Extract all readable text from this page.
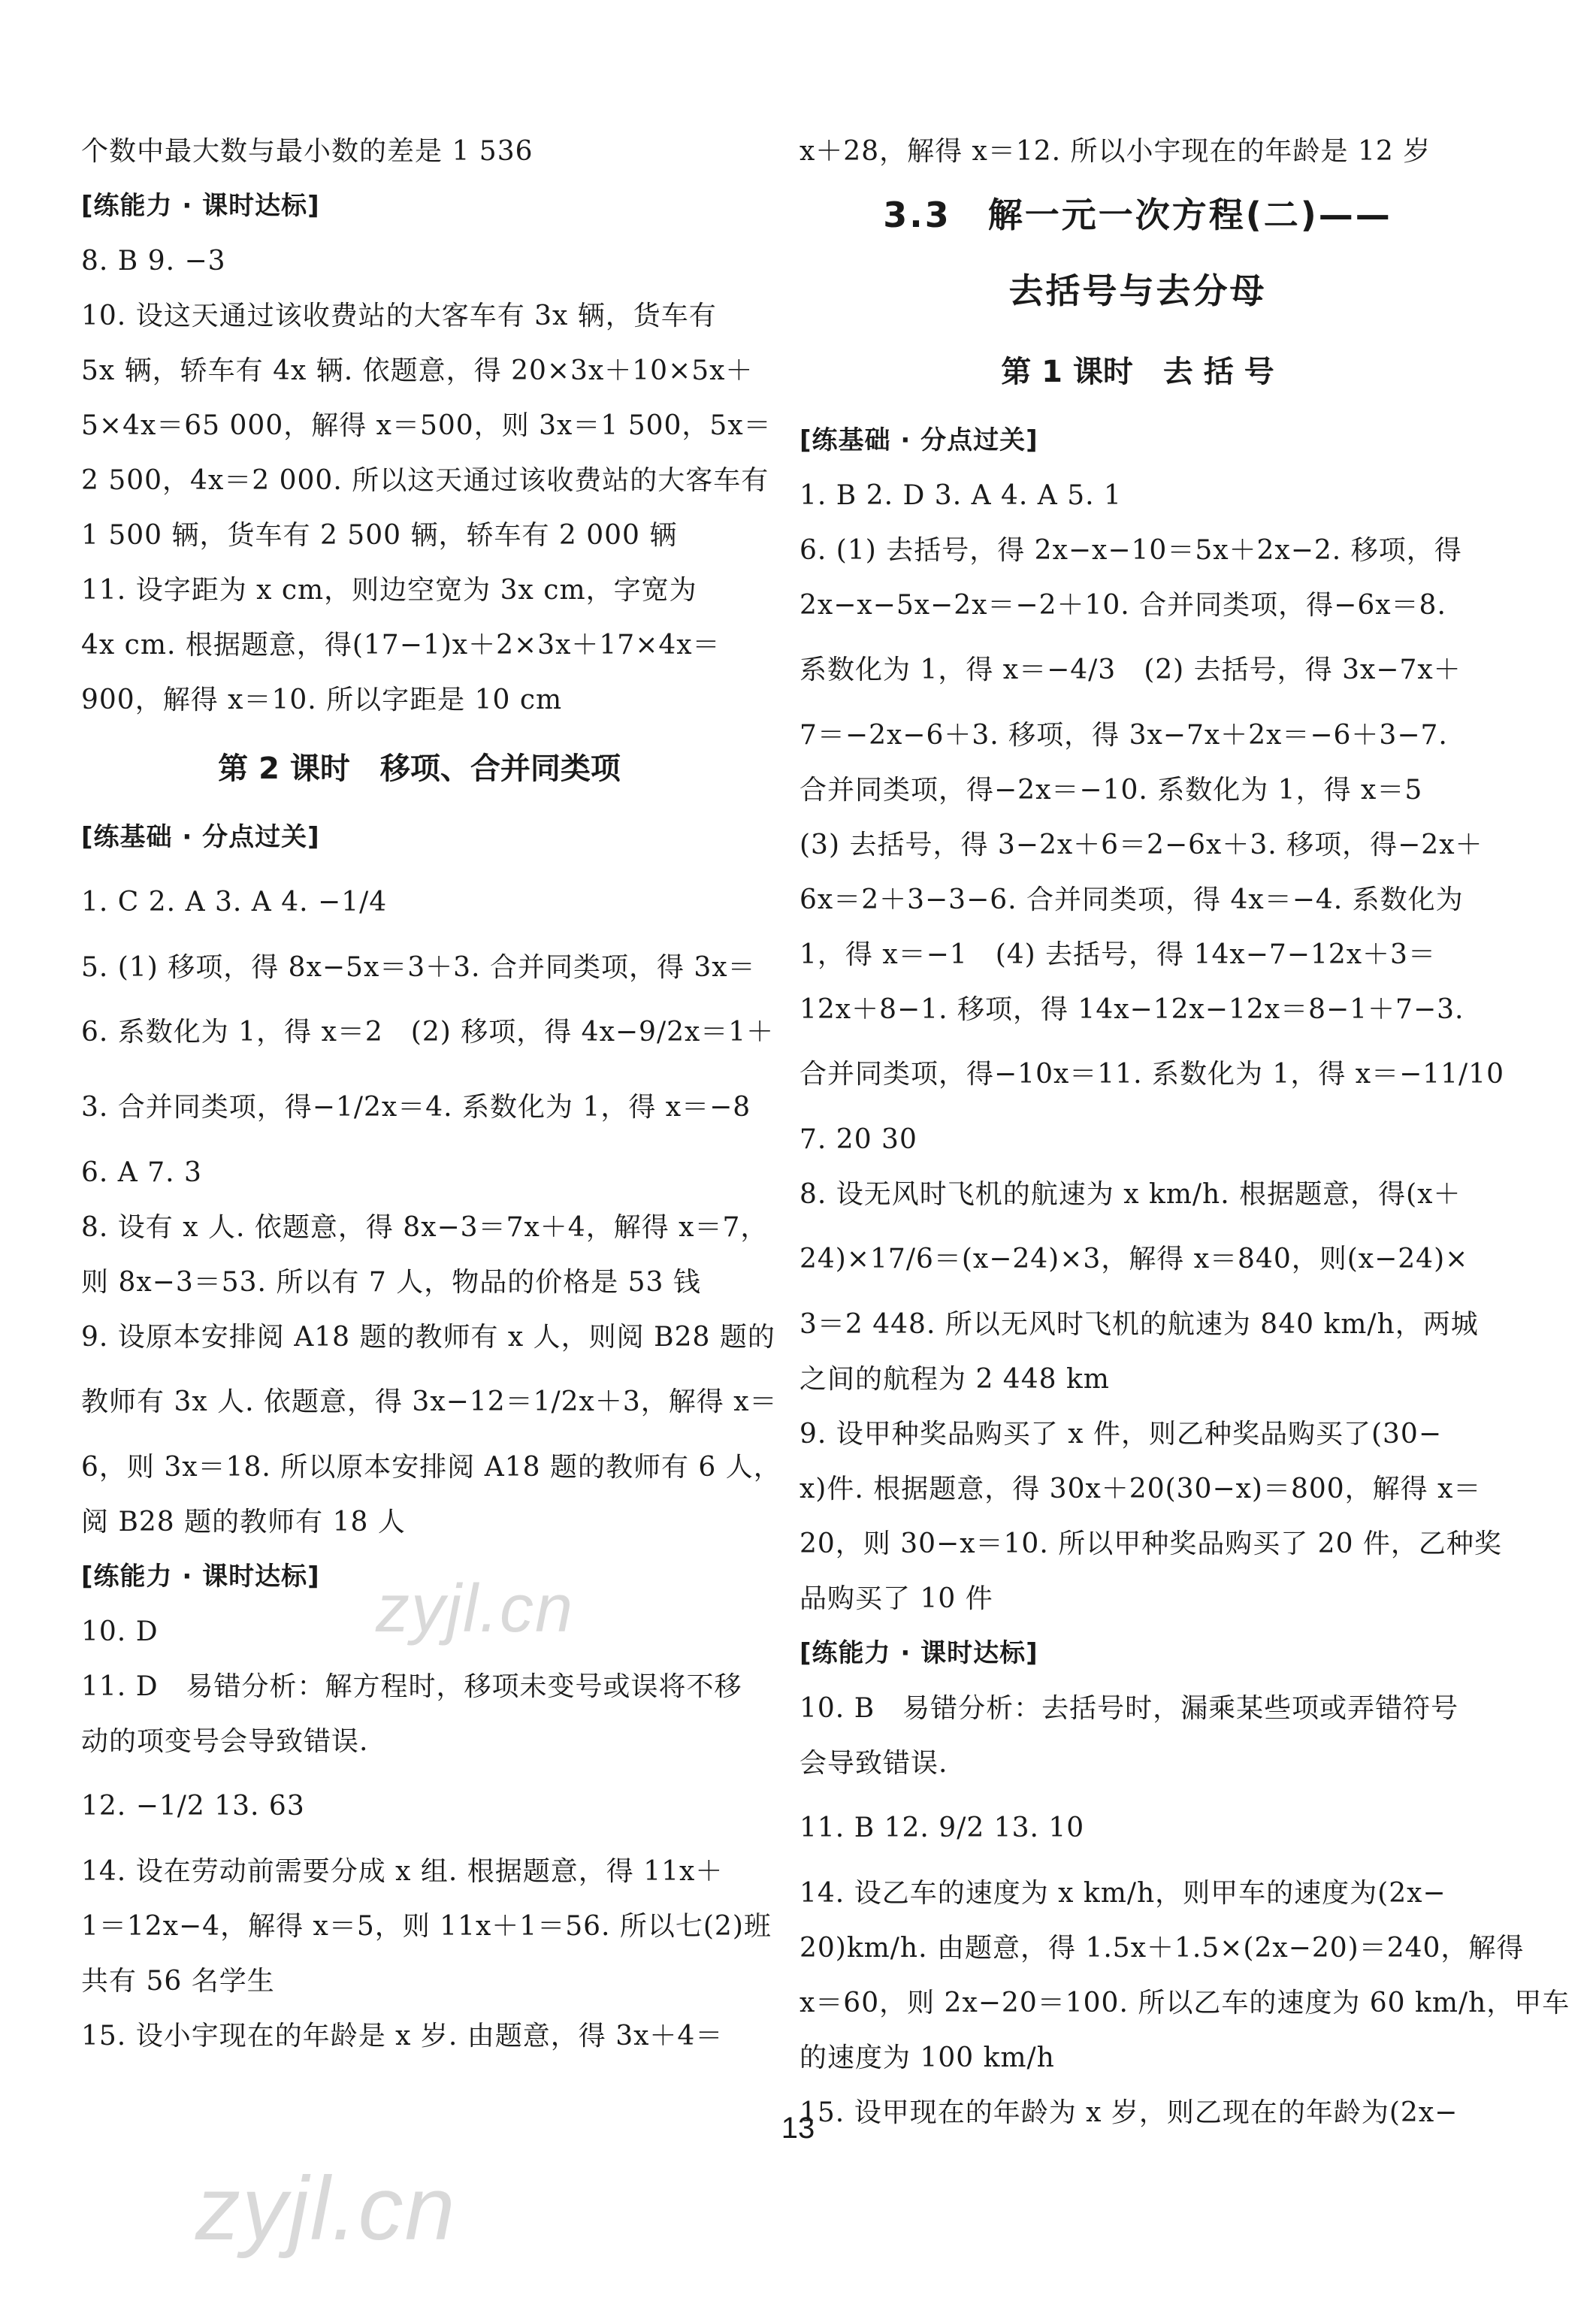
个数中最大数与最小数的差是 1 536
[练能力 · 课时达标]
8. B 9. −3
10. 设这天通过该收费站的大客车有 3x 辆，货车有
5x 辆，轿车有 4x 辆. 依题意，得 20×3x＋10×5x＋
5×4x＝65 000，解得 x＝500，则 3x＝1 500，5x＝
2 500，4x＝2 000. 所以这天通过该收费站的大客车有
1 500 辆，货车有 2 500 辆，轿车有 2 000 辆
11. 设字距为 x cm，则边空宽为 3x cm，字宽为
4x cm. 根据题意，得(17−1)x＋2×3x＋17×4x＝
900，解得 x＝10. 所以字距是 10 cm
第 2 课时　移项、合并同类项
[练基础 · 分点过关]
1. C 2. A 3. A 4. −1/4
5. (1) 移项，得 8x−5x＝3＋3. 合并同类项，得 3x＝
6. 系数化为 1，得 x＝2　(2) 移项，得 4x−9/2x＝1＋
3. 合并同类项，得−1/2x＝4. 系数化为 1，得 x＝−8
6. A 7. 3
8. 设有 x 人. 依题意，得 8x−3＝7x＋4，解得 x＝7，
则 8x−3＝53. 所以有 7 人，物品的价格是 53 钱
9. 设原本安排阅 A18 题的教师有 x 人，则阅 B28 题的
教师有 3x 人. 依题意，得 3x−12＝1/2x＋3，解得 x＝
6，则 3x＝18. 所以原本安排阅 A18 题的教师有 6 人，
阅 B28 题的教师有 18 人
[练能力 · 课时达标]
10. D
11. D　易错分析：解方程时，移项未变号或误将不移
动的项变号会导致错误.
12. −1/2 13. 63
14. 设在劳动前需要分成 x 组. 根据题意，得 11x＋
1＝12x−4，解得 x＝5，则 11x＋1＝56. 所以七(2)班
共有 56 名学生
15. 设小宇现在的年龄是 x 岁. 由题意，得 3x＋4＝
x＋28，解得 x＝12. 所以小宇现在的年龄是 12 岁
3.3　解一元一次方程(二)——
去括号与去分母
第 1 课时　去 括 号
[练基础 · 分点过关]
1. B 2. D 3. A 4. A 5. 1
6. (1) 去括号，得 2x−x−10＝5x＋2x−2. 移项，得
2x−x−5x−2x＝−2＋10. 合并同类项，得−6x＝8.
系数化为 1，得 x＝−4/3　(2) 去括号，得 3x−7x＋
7＝−2x−6＋3. 移项，得 3x−7x＋2x＝−6＋3−7.
合并同类项，得−2x＝−10. 系数化为 1，得 x＝5
(3) 去括号，得 3−2x＋6＝2−6x＋3. 移项，得−2x＋
6x＝2＋3−3−6. 合并同类项，得 4x＝−4. 系数化为
1，得 x＝−1　(4) 去括号，得 14x−7−12x＋3＝
12x＋8−1. 移项，得 14x−12x−12x＝8−1＋7−3.
合并同类项，得−10x＝11. 系数化为 1，得 x＝−11/10
7. 20 30
8. 设无风时飞机的航速为 x km/h. 根据题意，得(x＋
24)×17/6＝(x−24)×3，解得 x＝840，则(x−24)×
3＝2 448. 所以无风时飞机的航速为 840 km/h，两城
之间的航程为 2 448 km
9. 设甲种奖品购买了 x 件，则乙种奖品购买了(30−
x)件. 根据题意，得 30x＋20(30−x)＝800，解得 x＝
20，则 30−x＝10. 所以甲种奖品购买了 20 件，乙种奖
品购买了 10 件
[练能力 · 课时达标]
10. B　易错分析：去括号时，漏乘某些项或弄错符号
会导致错误.
11. B 12. 9/2 13. 10
14. 设乙车的速度为 x km/h，则甲车的速度为(2x−
20)km/h. 由题意，得 1.5x＋1.5×(2x−20)＝240，解得
x＝60，则 2x−20＝100. 所以乙车的速度为 60 km/h，甲车
的速度为 100 km/h
15. 设甲现在的年龄为 x 岁，则乙现在的年龄为(2x−
zyjl.cn
zyjl.cn
13
